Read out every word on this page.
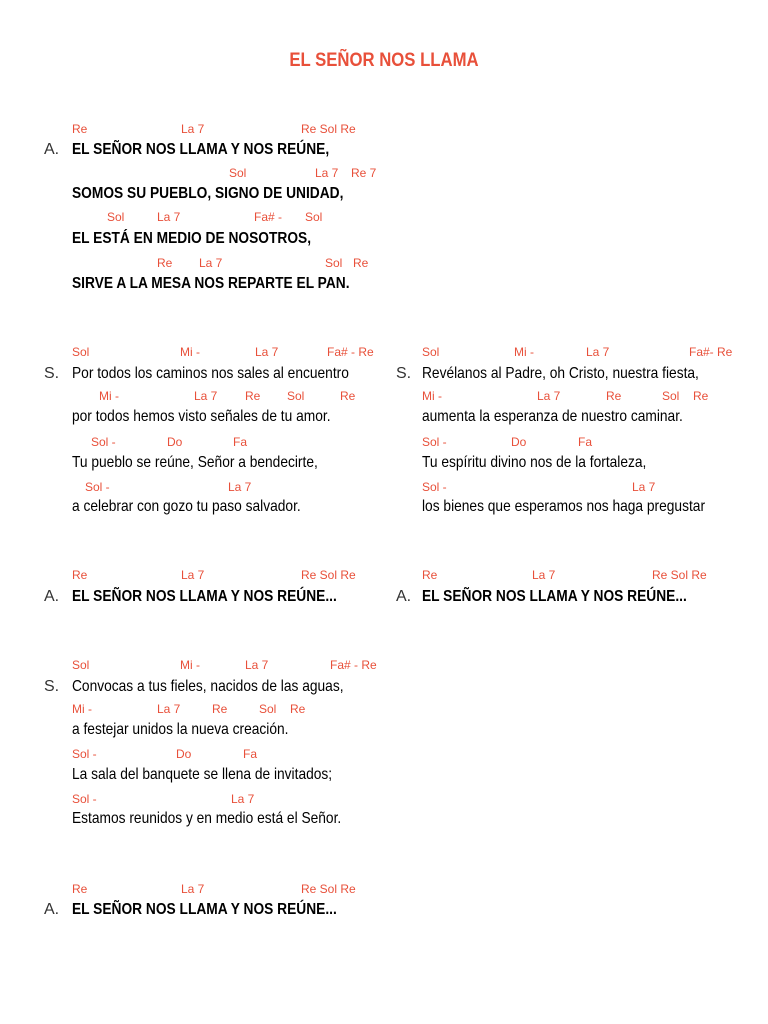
EL SEÑOR NOS LLAMA
Re	La 7	Re Sol Re
A. EL SEÑOR NOS LLAMA Y NOS REÚNE,
Sol	La 7 Re 7
SOMOS SU PUEBLO, SIGNO DE UNIDAD,
Sol	La 7	Fa# - Sol
EL ESTÁ EN MEDIO DE NOSOTROS,
Re La 7	Sol Re
SIRVE A LA MESA NOS REPARTE EL PAN.
Sol	Mi -	La 7	Fa# - Re
S. Por todos los caminos nos sales al encuentro
Mi -	La 7 Re Sol	Re
por todos hemos visto señales de tu amor.
Sol -	Do	Fa
Tu pueblo se reúne, Señor a bendecirte,
Sol -	La 7
a celebrar con gozo tu paso salvador.
Sol	Mi -	La 7	Fa#- Re
S. Revélanos al Padre, oh Cristo, nuestra fiesta,
Mi -	La 7	Re	Sol Re
aumenta la esperanza de nuestro caminar.
Sol -	Do	Fa
Tu espíritu divino nos de la fortaleza,
Sol -	La 7
los bienes que esperamos nos haga pregustar
Re	La 7	Re Sol Re
A. EL SEÑOR NOS LLAMA Y NOS REÚNE...
Re	La 7	Re Sol Re
A. EL SEÑOR NOS LLAMA Y NOS REÚNE...
Sol	Mi -	La 7	Fa# - Re
S. Convocas a tus fieles, nacidos de las aguas,
Mi -	La 7	Re	Sol Re
a festejar unidos la nueva creación.
Sol -	Do	Fa
La sala del banquete se llena de invitados;
Sol -	La 7
Estamos reunidos y en medio está el Señor.
Re	La 7	Re Sol Re
A. EL SEÑOR NOS LLAMA Y NOS REÚNE...
